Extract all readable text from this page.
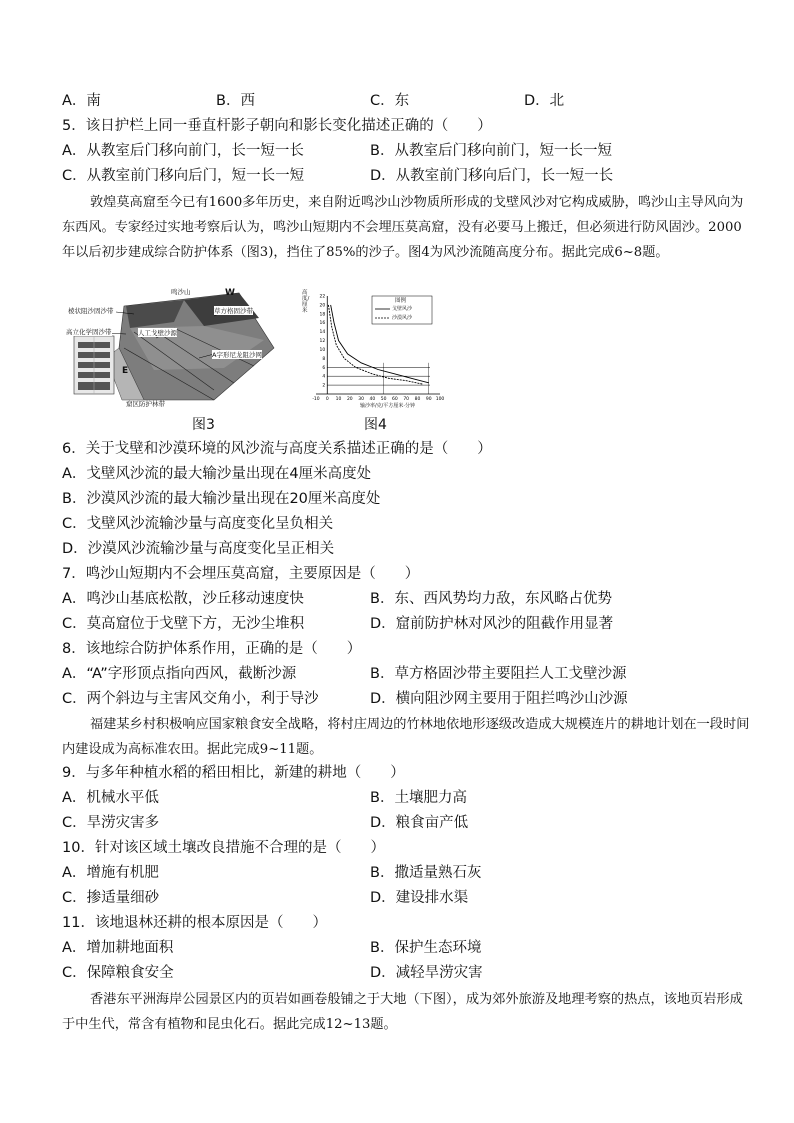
A．南	B．西	C．东	D．北
5．该日护栏上同一垂直杆影子朝向和影长变化描述正确的（　　）
A．从教室后门移向前门，长一短一长	B．从教室后门移向前门，短一长一短
C．从教室前门移向后门，短一长一短	D．从教室前门移向后门，长一短一长
敦煌莫高窟至今已有1600多年历史，来自附近鸣沙山沙物质所形成的戈壁风沙对它构成威胁，鸣沙山主导风向为东西风。专家经过实地考察后认为，鸣沙山短期内不会埋压莫高窟，没有必要马上搬迁，但必须进行防风固沙。2000年以后初步建成综合防护体系（图3)，挡住了85%的沙子。图4为风沙流随高度分布。据此完成6~8题。
鸣沙山	W
草方格固沙带
棱状阻沙固沙带
人工戈壁沙源
高立化学固沙带
A字形尼龙阻沙网
E
窟区防护林带
图3
2
4
6
8
10
12
14
16
18
20
22
-10 0 10 20 30 40 50 60 70 80 90 100
高度/厘米
图例
戈壁风沙
沙漠风沙
输沙率/克/平方厘米·分钟
图4
6．关于戈壁和沙漠环境的风沙流与高度关系描述正确的是（　　）
A．戈壁风沙流的最大输沙量出现在4厘米高度处
B．沙漠风沙流的最大输沙量出现在20厘米高度处
C．戈壁风沙流输沙量与高度变化呈负相关
D．沙漠风沙流输沙量与高度变化呈正相关
7．鸣沙山短期内不会埋压莫高窟，主要原因是（　　）
A．鸣沙山基底松散，沙丘移动速度快	B．东、西风势均力敌，东风略占优势
C．莫高窟位于戈壁下方，无沙尘堆积	D．窟前防护林对风沙的阻截作用显著
8．该地综合防护体系作用，正确的是（　　）
A．“A”字形顶点指向西风，截断沙源	B．草方格固沙带主要阻拦人工戈壁沙源
C．两个斜边与主害风交角小，利于导沙	D．横向阻沙网主要用于阻拦鸣沙山沙源
福建某乡村积极响应国家粮食安全战略，将村庄周边的竹林地依地形逐级改造成大规模连片的耕地计划在一段时间内建设成为高标准农田。据此完成9~11题。
9．与多年种植水稻的稻田相比，新建的耕地（　　）
A．机械水平低	B．土壤肥力高
C．旱涝灾害多	D．粮食亩产低
10．针对该区域土壤改良措施不合理的是（　　）
A．增施有机肥	B．撒适量熟石灰
C．掺适量细砂	D．建设排水渠
11．该地退林还耕的根本原因是（　　）
A．增加耕地面积	B．保护生态环境
C．保障粮食安全	D．减轻旱涝灾害
香港东平洲海岸公园景区内的页岩如画卷般铺之于大地（下图），成为郊外旅游及地理考察的热点，该地页岩形成于中生代，常含有植物和昆虫化石。据此完成12~13题。
